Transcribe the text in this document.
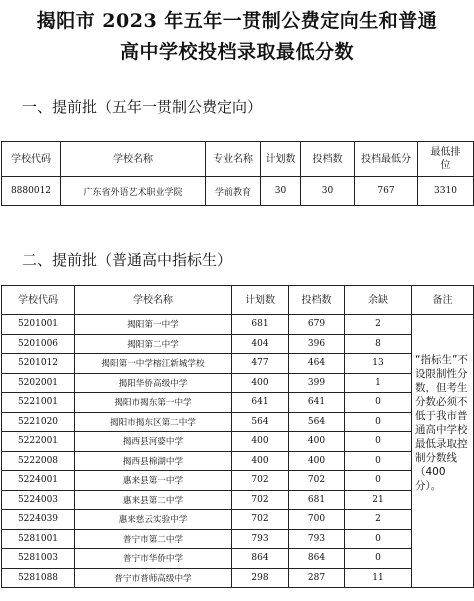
揭阳市 2023 年五年一贯制公费定向生和普通
高中学校投档录取最低分数
一、提前批（五年一贯制公费定向）
学校代码	学校名称	专业名称	计划数	投档数	投档最低分	最低排位
8880012	广东省外语艺术职业学院	学前教育	30	30	767	3310
二、提前批（普通高中指标生）
学校代码	学校名称	计划数	投档数	余缺	备注
5201001	揭阳第一中学	681	679	2	“指标生”不设限制性分数，但考生分数必须不低于我市普通高中学校最低录取控制分数线（400分）。
5201006	揭阳第二中学	404	396	8	
5201012	揭阳第一中学榕江新城学校	477	464	13	
5202001	揭阳华侨高级中学	400	399	1	
5221001	揭阳市揭东第一中学	641	641	0	
5221020	揭阳市揭东区第二中学	564	564	0	
5222001	揭西县河婆中学	400	400	0	
5222008	揭西县棉湖中学	400	400	0	
5224001	惠来县第一中学	702	702	0	
5224003	惠来县第二中学	702	681	21	
5224039	惠来慈云实验中学	702	700	2	
5281001	普宁市第二中学	793	793	0	
5281003	普宁市华侨中学	864	864	0	
5281088	普宁市普师高级中学	298	287	11	
